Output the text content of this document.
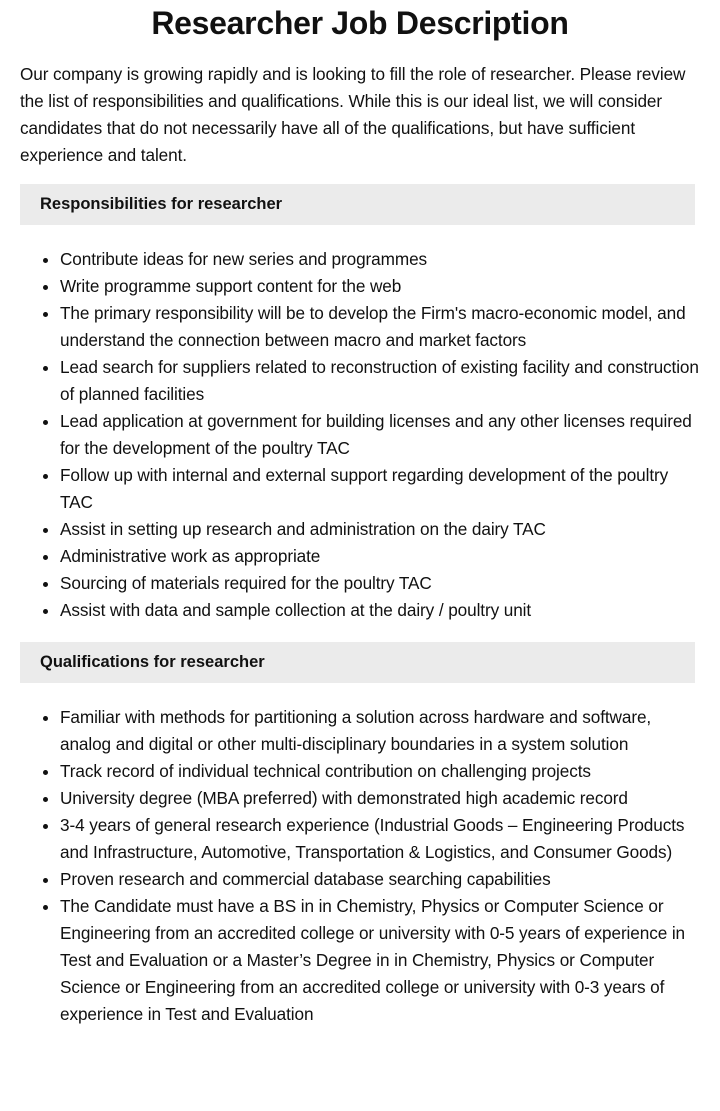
Researcher Job Description

Our company is growing rapidly and is looking to fill the role of researcher. Please review the list of responsibilities and qualifications. While this is our ideal list, we will consider candidates that do not necessarily have all of the qualifications, but have sufficient experience and talent.

Responsibilities for researcher
• Contribute ideas for new series and programmes
• Write programme support content for the web
• The primary responsibility will be to develop the Firm's macro-economic model, and understand the connection between macro and market factors
• Lead search for suppliers related to reconstruction of existing facility and construction of planned facilities
• Lead application at government for building licenses and any other licenses required for the development of the poultry TAC
• Follow up with internal and external support regarding development of the poultry TAC
• Assist in setting up research and administration on the dairy TAC
• Administrative work as appropriate
• Sourcing of materials required for the poultry TAC
• Assist with data and sample collection at the dairy / poultry unit
Qualifications for researcher
• Familiar with methods for partitioning a solution across hardware and software, analog and digital or other multi-disciplinary boundaries in a system solution
• Track record of individual technical contribution on challenging projects
• University degree (MBA preferred) with demonstrated high academic record
• 3-4 years of general research experience (Industrial Goods – Engineering Products and Infrastructure, Automotive, Transportation & Logistics, and Consumer Goods)
• Proven research and commercial database searching capabilities
• The Candidate must have a BS in in Chemistry, Physics or Computer Science or Engineering from an accredited college or university with 0-5 years of experience in Test and Evaluation or a Master’s Degree in in Chemistry, Physics or Computer Science or Engineering from an accredited college or university with 0-3 years of experience in Test and Evaluation
